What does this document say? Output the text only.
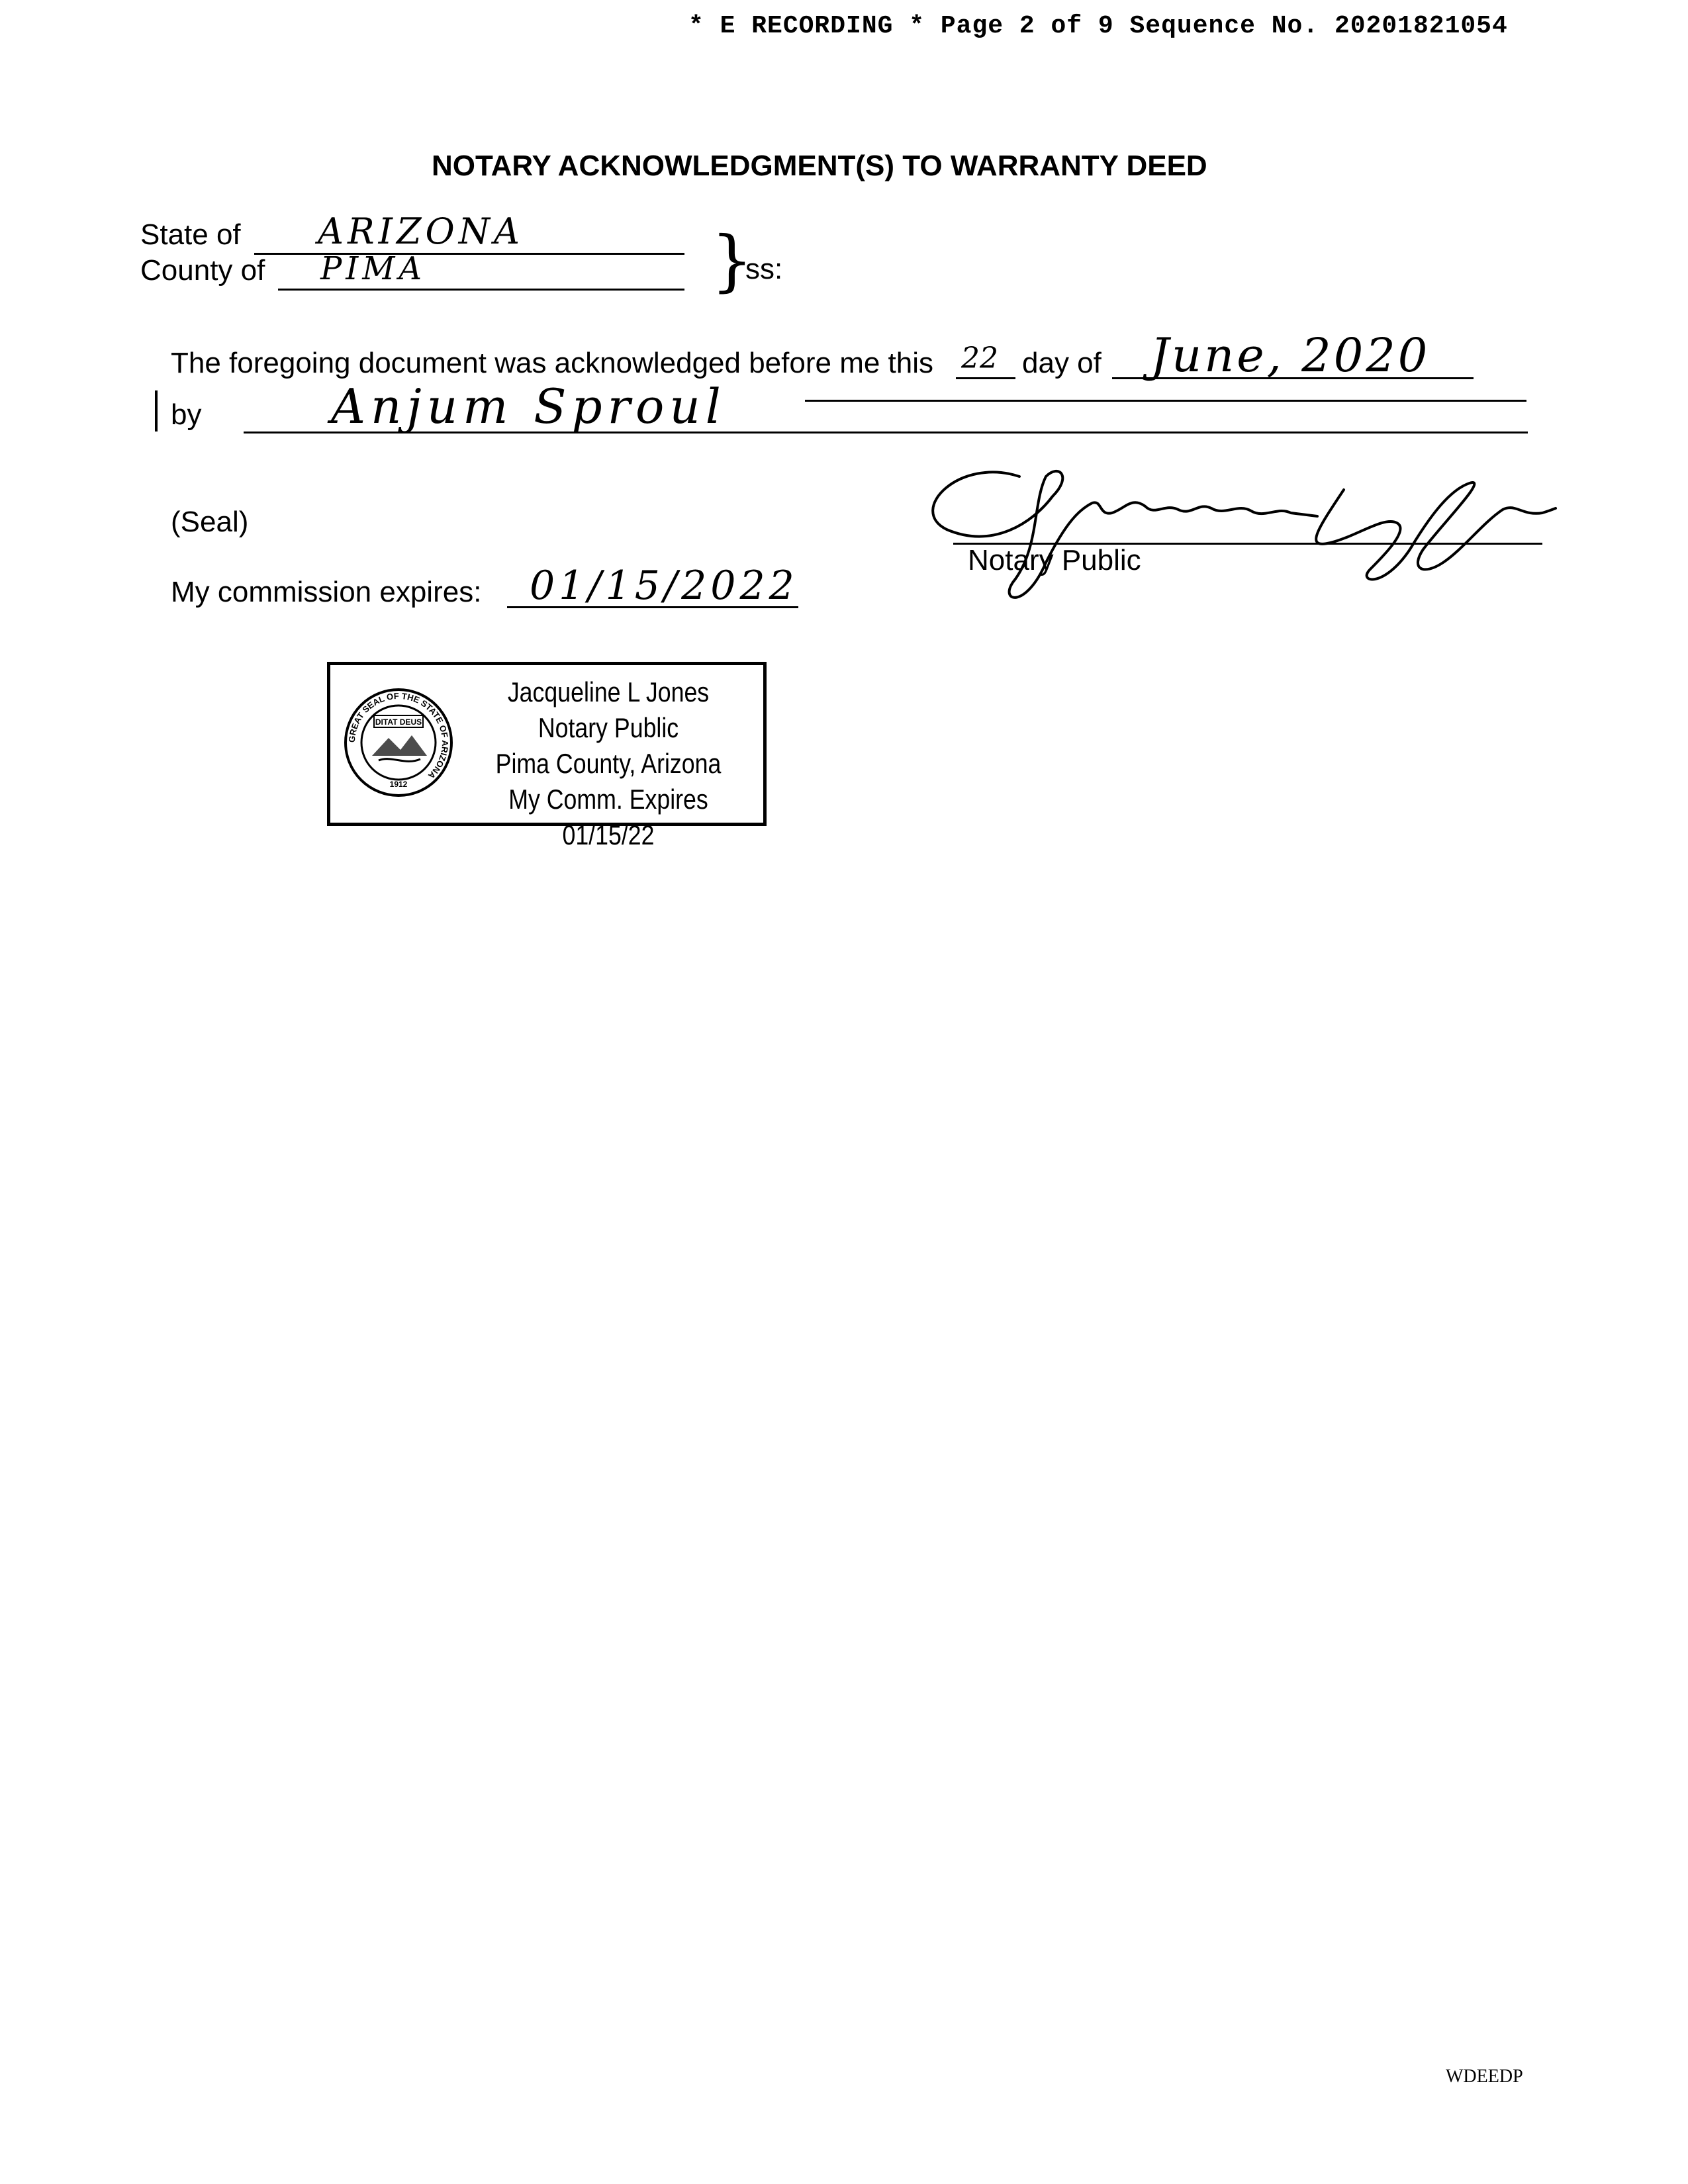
* E RECORDING * Page 2 of 9 Sequence No. 20201821054
NOTARY ACKNOWLEDGMENT(S) TO WARRANTY DEED
State of ARIZONA
County of PIMA	}
ss:
The foregoing document was acknowledged before me this 22 day of June, 2020
by	Anjum Sproul
(Seal)
My commission expires: 01/15/2022
Notary Public
GREAT SEAL OF THE STATE OF ARIZONA
DITAT DEUS
1912
Jacqueline L Jones
Notary Public
Pima County, Arizona
My Comm. Expires 01/15/22
WDEEDP
